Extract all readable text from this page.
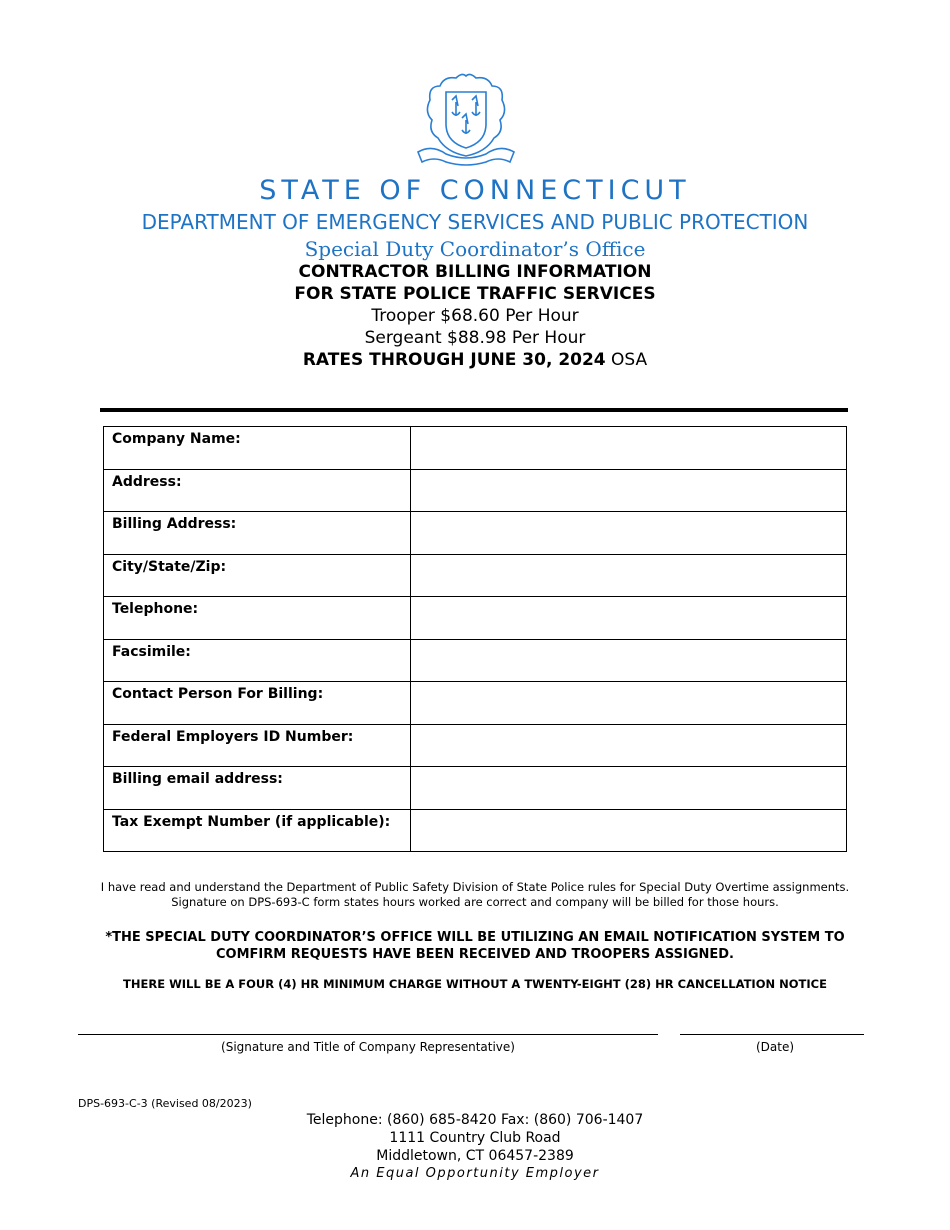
STATE OF CONNECTICUT
DEPARTMENT OF EMERGENCY SERVICES AND PUBLIC PROTECTION
Special Duty Coordinator’s Office
CONTRACTOR BILLING INFORMATION
FOR STATE POLICE TRAFFIC SERVICES
Trooper $68.60 Per Hour
Sergeant $88.98 Per Hour
RATES THROUGH JUNE 30, 2024 OSA
Company Name:	
Address:	
Billing Address:	
City/State/Zip:	
Telephone:	
Facsimile:	
Contact Person For Billing:	
Federal Employers ID Number:	
Billing email address:	
Tax Exempt Number (if applicable):	
I have read and understand the Department of Public Safety Division of State Police rules for Special Duty Overtime assignments.
Signature on DPS-693-C form states hours worked are correct and company will be billed for those hours.
*THE SPECIAL DUTY COORDINATOR’S OFFICE WILL BE UTILIZING AN EMAIL NOTIFICATION SYSTEM TO
COMFIRM REQUESTS HAVE BEEN RECEIVED AND TROOPERS ASSIGNED.
THERE WILL BE A FOUR (4) HR MINIMUM CHARGE WITHOUT A TWENTY-EIGHT (28) HR CANCELLATION NOTICE
(Signature and Title of Company Representative)	(Date)
DPS-693-C-3 (Revised 08/2023)
Telephone: (860) 685-8420 Fax: (860) 706-1407
1111 Country Club Road
Middletown, CT 06457-2389
An Equal Opportunity Employer
